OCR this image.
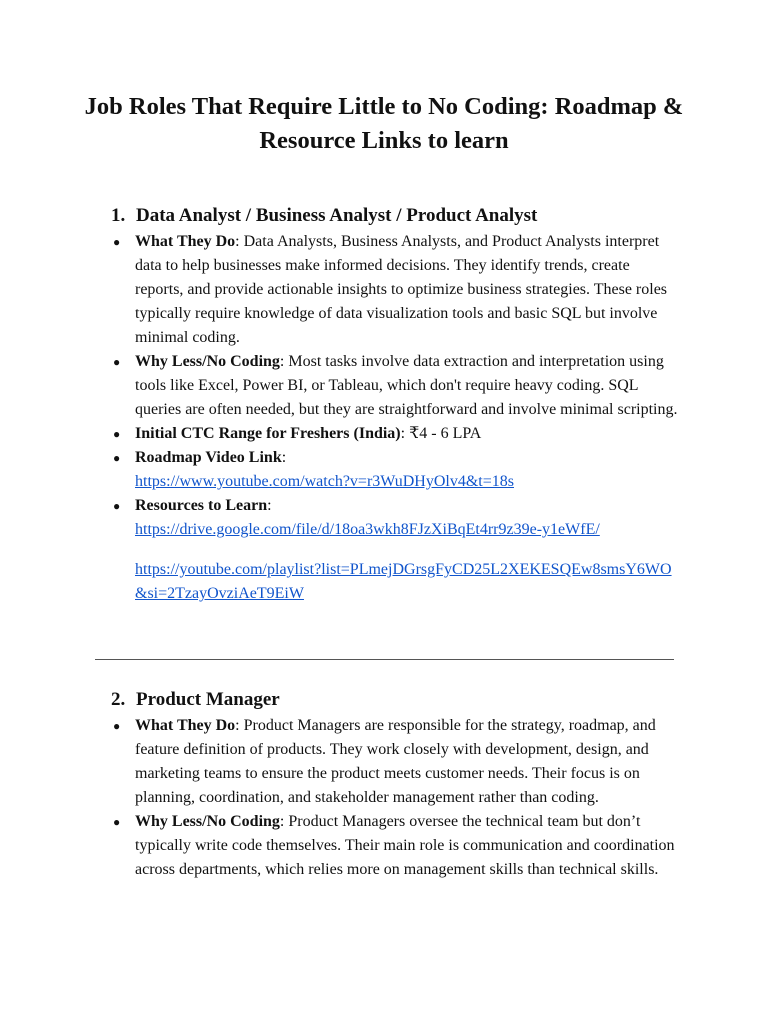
Job Roles That Require Little to No Coding: Roadmap & Resource Links to learn
1. Data Analyst / Business Analyst / Product Analyst
● What They Do: Data Analysts, Business Analysts, and Product Analysts interpret data to help businesses make informed decisions. They identify trends, create reports, and provide actionable insights to optimize business strategies. These roles typically require knowledge of data visualization tools and basic SQL but involve minimal coding.
● Why Less/No Coding: Most tasks involve data extraction and interpretation using tools like Excel, Power BI, or Tableau, which don't require heavy coding. SQL queries are often needed, but they are straightforward and involve minimal scripting.
● Initial CTC Range for Freshers (India): ₹4 - 6 LPA
● Roadmap Video Link:
https://www.youtube.com/watch?v=r3WuDHyOlv4&t=18s
● Resources to Learn:
https://drive.google.com/file/d/18oa3wkh8FJzXiBqEt4rr9z39e-y1eWfE/
https://youtube.com/playlist?list=PLmejDGrsgFyCD25L2XEKESQEw8smsY6WO&si=2TzayOvziAeT9EiW
2. Product Manager
● What They Do: Product Managers are responsible for the strategy, roadmap, and feature definition of products. They work closely with development, design, and marketing teams to ensure the product meets customer needs. Their focus is on planning, coordination, and stakeholder management rather than coding.
● Why Less/No Coding: Product Managers oversee the technical team but don’t typically write code themselves. Their main role is communication and coordination across departments, which relies more on management skills than technical skills.
